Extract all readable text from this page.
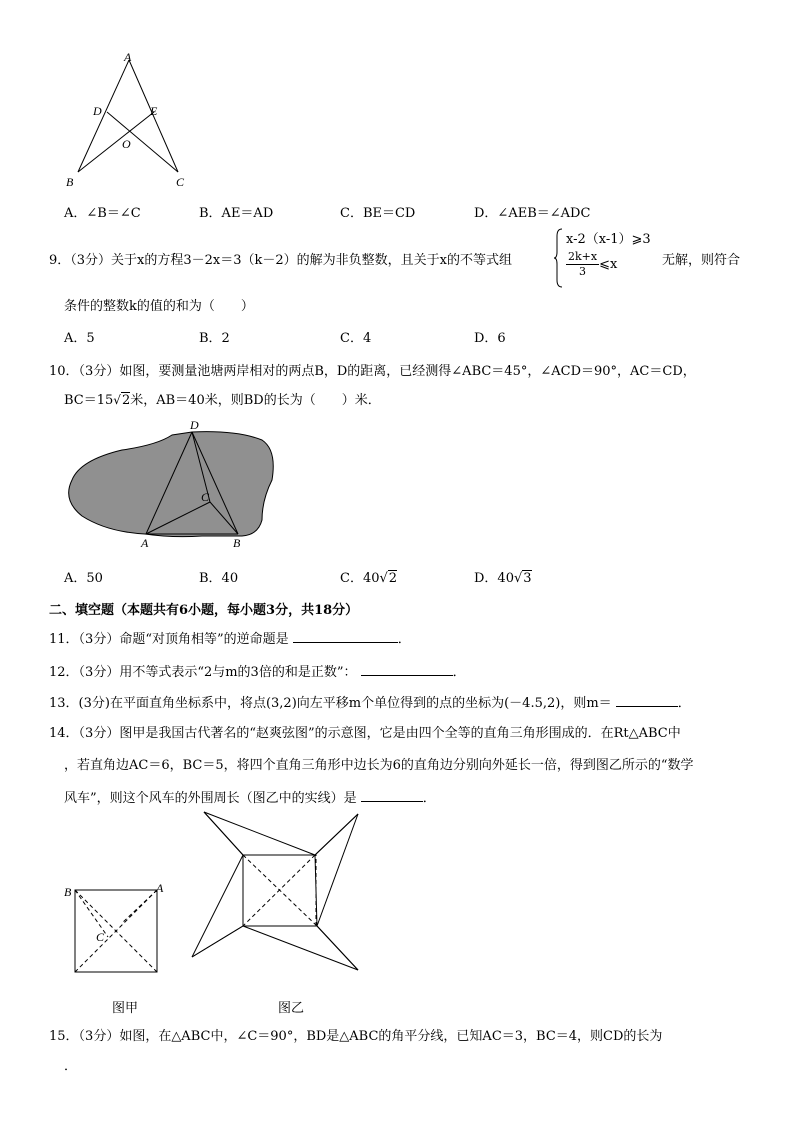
A
D	E
O
B	C
A．∠B＝∠C	B．AE＝AD	C．BE＝CD	D．∠AEB＝∠ADC
9．（3分）关于x的方程3－2x＝3（k－2）的解为非负整数，且关于x的不等式组
x-2（x-1）⩾3
$\frac{2k+x}{3}$ ⩽x	无解，则符合
条件的整数k的值的和为（　　）
A．5	B．2	C．4	D．6
10．（3分）如图，要测量池塘两岸相对的两点B，D的距离，已经测得∠ABC＝45°，∠ACD＝90°，AC＝CD，
BC＝15√2米，AB＝40米，则BD的长为（　　）米．
D
C
A	B
A．50	B．40	C．40√2	D．40√3
二、填空题（本题共有6小题，每小题3分，共18分）
11．（3分）命题“对顶角相等”的逆命题是	．
12．（3分）用不等式表示“2与m的3倍的和是正数”：	．
13．(3分)在平面直角坐标系中，将点(3,2)向左平移m个单位得到的点的坐标为(－4.5,2)，则m＝	．
14．（3分）图甲是我国古代著名的“赵爽弦图”的示意图，它是由四个全等的直角三角形围成的．在Rt△ABC中
，若直角边AC＝6，BC＝5，将四个直角三角形中边长为6的直角边分别向外延长一倍，得到图乙所示的“数学
风车”，则这个风车的外围周长（图乙中的实线）是	．
B	A
C
图甲	图乙
15．（3分）如图，在△ABC中，∠C＝90°，BD是△ABC的角平分线，已知AC＝3，BC＝4，则CD的长为
．
